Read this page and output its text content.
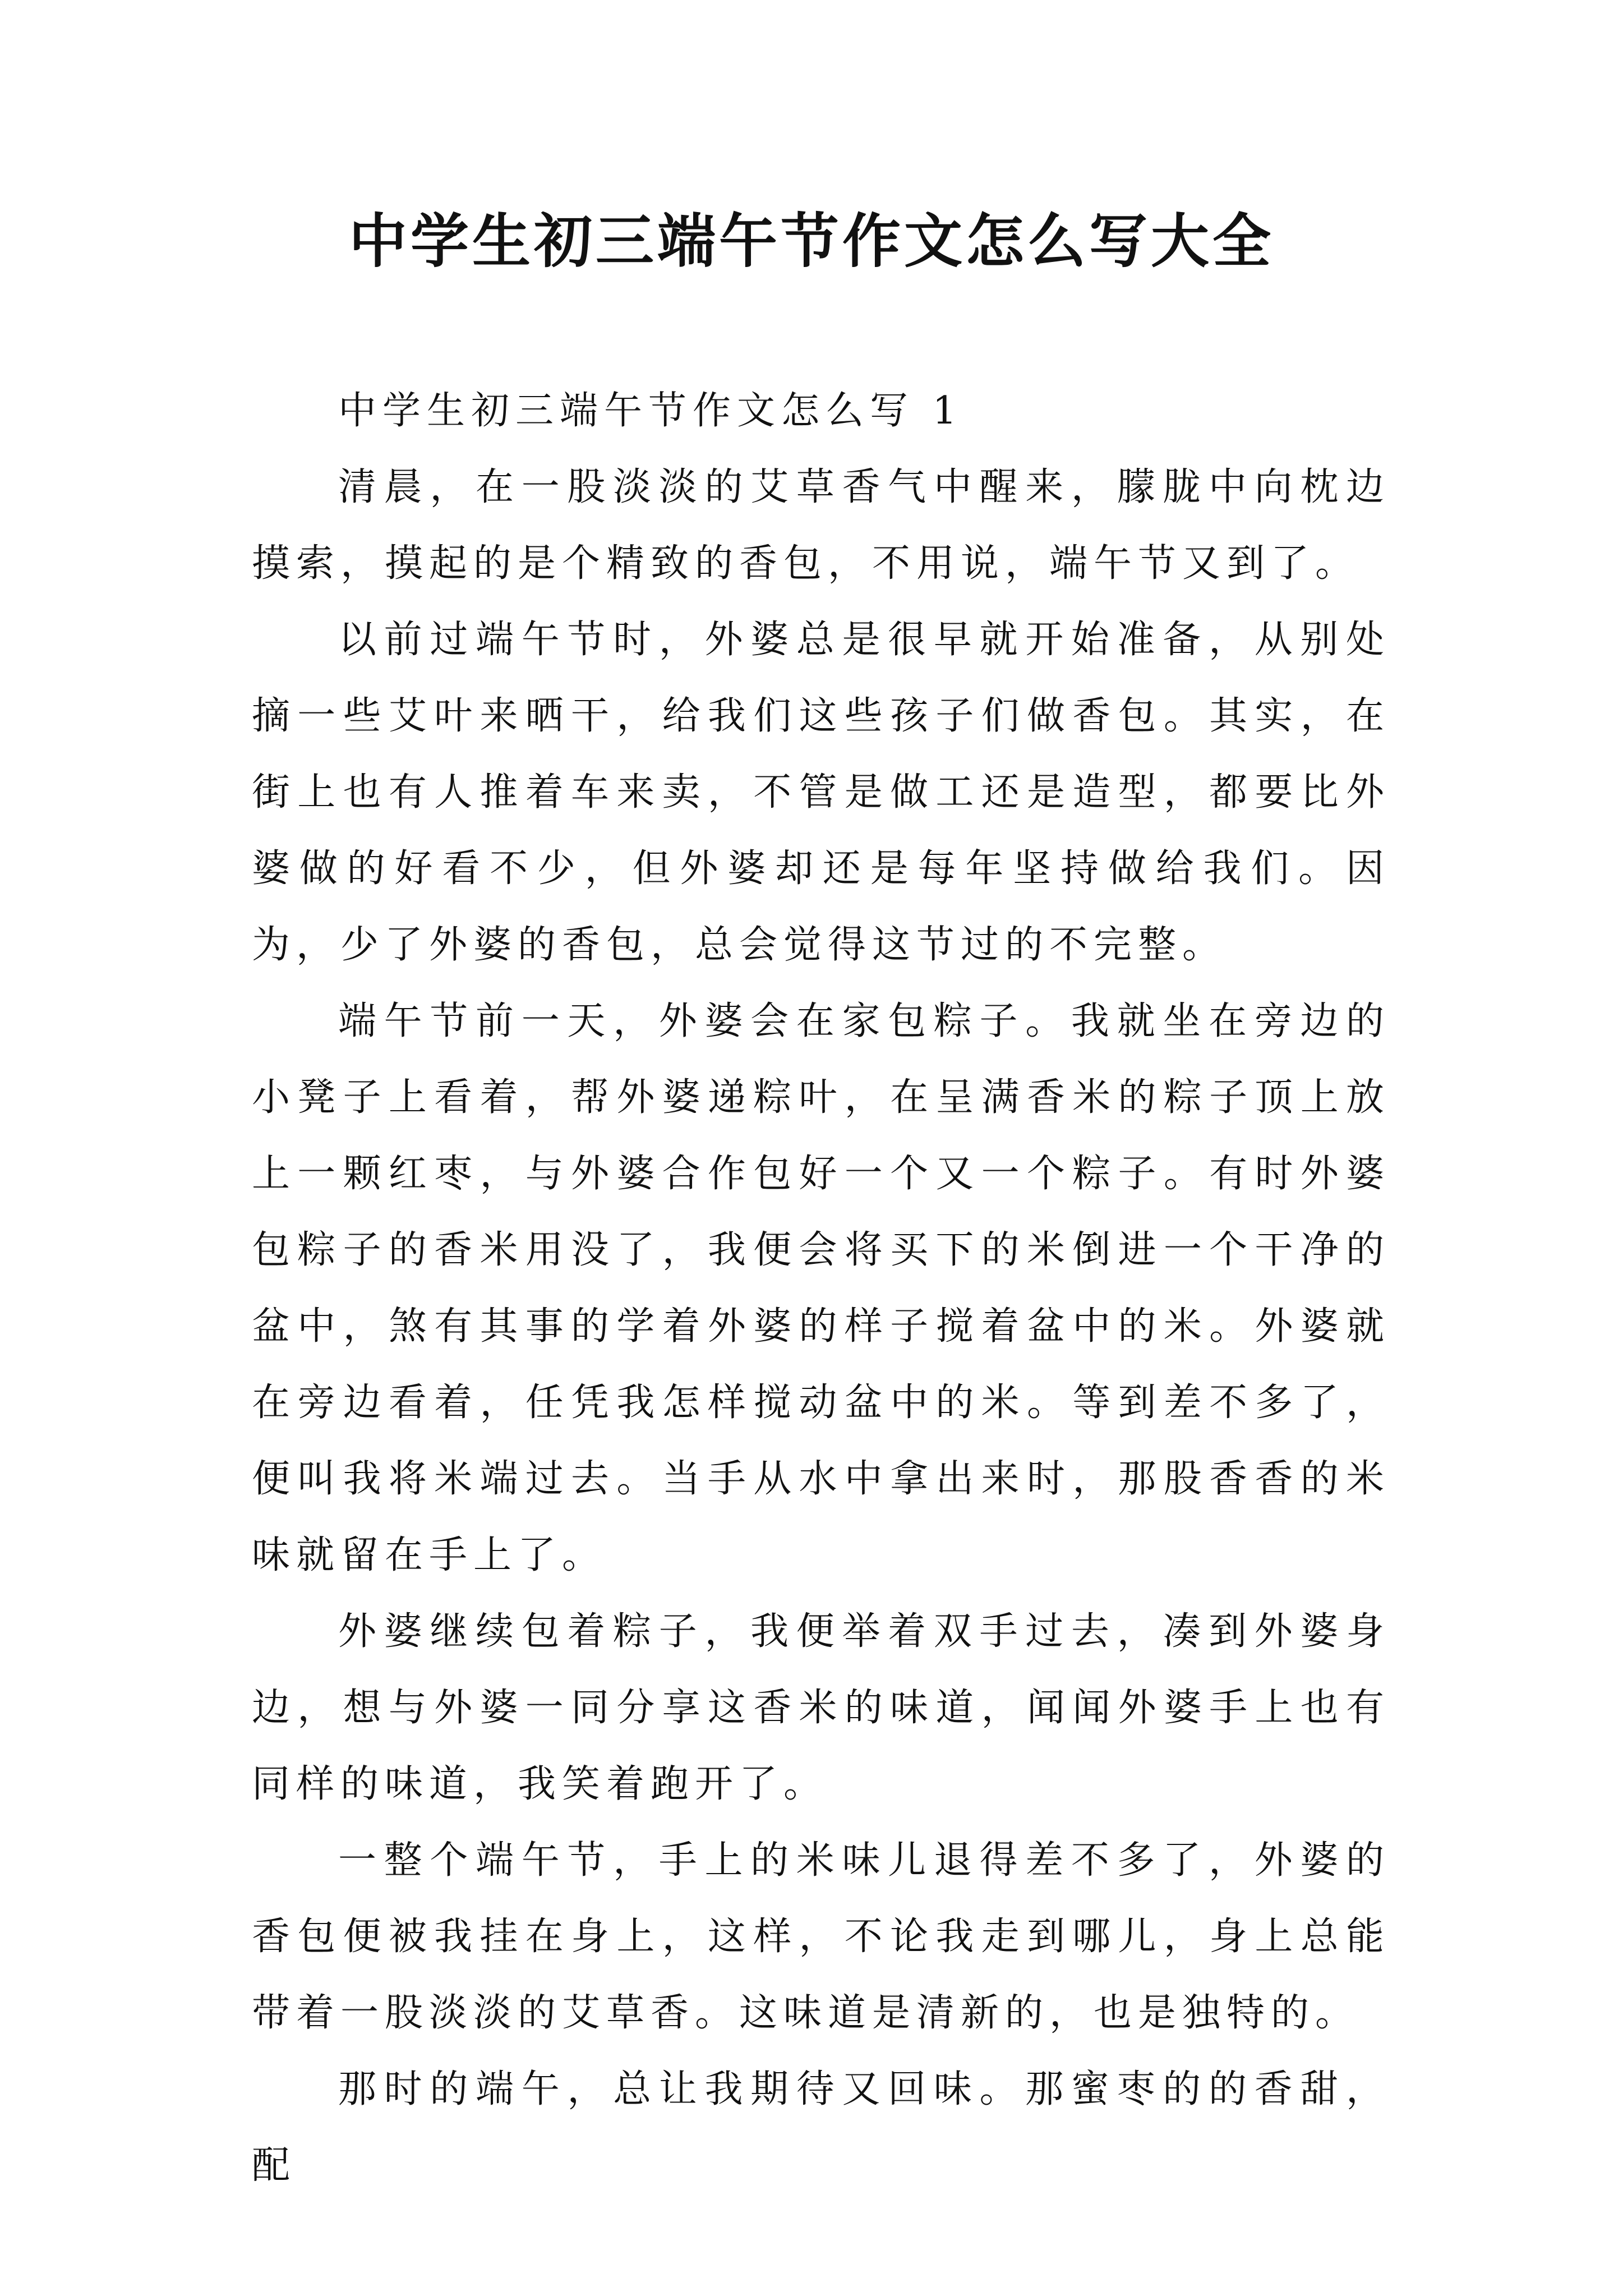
中学生初三端午节作文怎么写大全

中学生初三端午节作文怎么写 1

清晨，在一股淡淡的艾草香气中醒来，朦胧中向枕边摸索，摸起的是个精致的香包，不用说，端午节又到了。

以前过端午节时，外婆总是很早就开始准备，从别处摘一些艾叶来晒干，给我们这些孩子们做香包。其实，在街上也有人推着车来卖，不管是做工还是造型，都要比外婆做的好看不少，但外婆却还是每年坚持做给我们。因为，少了外婆的香包，总会觉得这节过的不完整。

端午节前一天，外婆会在家包粽子。我就坐在旁边的小凳子上看着，帮外婆递粽叶，在呈满香米的粽子顶上放上一颗红枣，与外婆合作包好一个又一个粽子。有时外婆包粽子的香米用没了，我便会将买下的米倒进一个干净的盆中，煞有其事的学着外婆的样子搅着盆中的米。外婆就在旁边看着，任凭我怎样搅动盆中的米。等到差不多了，便叫我将米端过去。当手从水中拿出来时，那股香香的米味就留在手上了。

外婆继续包着粽子，我便举着双手过去，凑到外婆身边，想与外婆一同分享这香米的味道，闻闻外婆手上也有同样的味道，我笑着跑开了。

一整个端午节，手上的米味儿退得差不多了，外婆的香包便被我挂在身上，这样，不论我走到哪儿，身上总能带着一股淡淡的艾草香。这味道是清新的，也是独特的。

那时的端午，总让我期待又回味。那蜜枣的的香甜，配
